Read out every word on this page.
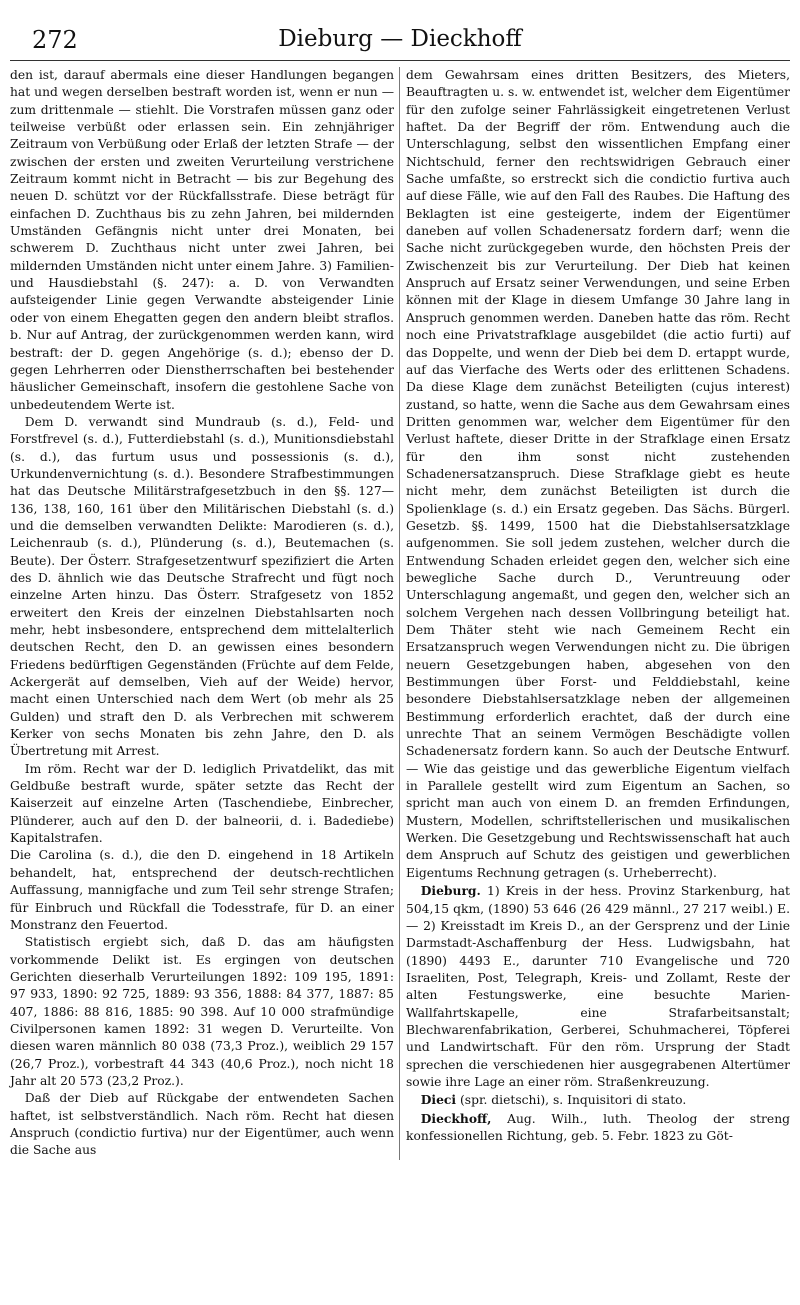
272	Dieburg — Dieckhoff

den ist, darauf abermals eine dieser Handlungen begangen hat und wegen derselben bestraft worden ist, wenn er nun — zum drittenmale — stiehlt. Die Vorstrafen müssen ganz oder teilweise verbüßt oder erlassen sein. Ein zehnjähriger Zeitraum von Verbüßung oder Erlaß der letzten Strafe — der zwischen der ersten und zweiten Verurteilung verstrichene Zeitraum kommt nicht in Betracht — bis zur Begehung des neuen D. schützt vor der Rückfallsstrafe. Diese beträgt für einfachen D. Zuchthaus bis zu zehn Jahren, bei mildernden Umständen Gefängnis nicht unter drei Monaten, bei schwerem D. Zuchthaus nicht unter zwei Jahren, bei mildernden Umständen nicht unter einem Jahre. 3) Familien- und Hausdiebstahl (§. 247): a. D. von Verwandten aufsteigender Linie gegen Verwandte absteigender Linie oder von einem Ehegatten gegen den andern bleibt straflos. b. Nur auf Antrag, der zurückgenommen werden kann, wird bestraft: der D. gegen Angehörige (s. d.); ebenso der D. gegen Lehrherren oder Dienstherrschaften bei bestehender häuslicher Gemeinschaft, insofern die gestohlene Sache von unbedeutendem Werte ist.

Dem D. verwandt sind Mundraub (s. d.), Feld- und Forstfrevel (s. d.), Futterdiebstahl (s. d.), Munitionsdiebstahl (s. d.), das furtum usus und possessionis (s. d.), Urkundenvernichtung (s. d.). Besondere Strafbestimmungen hat das Deutsche Militärstrafgesetzbuch in den §§. 127—136, 138, 160, 161 über den Militärischen Diebstahl (s. d.) und die demselben verwandten Delikte: Marodieren (s. d.), Leichenraub (s. d.), Plünderung (s. d.), Beutemachen (s. Beute). Der Österr. Strafgesetzentwurf spezifiziert die Arten des D. ähnlich wie das Deutsche Strafrecht und fügt noch einzelne Arten hinzu. Das Österr. Strafgesetz von 1852 erweitert den Kreis der einzelnen Diebstahlsarten noch mehr, hebt insbesondere, entsprechend dem mittelalterlich deutschen Recht, den D. an gewissen eines besondern Friedens bedürftigen Gegenständen (Früchte auf dem Felde, Ackergerät auf demselben, Vieh auf der Weide) hervor, macht einen Unterschied nach dem Wert (ob mehr als 25 Gulden) und straft den D. als Verbrechen mit schwerem Kerker von sechs Monaten bis zehn Jahre, den D. als Übertretung mit Arrest.

Im röm. Recht war der D. lediglich Privatdelikt, das mit Geldbuße bestraft wurde, später setzte das Recht der Kaiserzeit auf einzelne Arten (Taschendiebe, Einbrecher, Plünderer, auch auf den D. der balneorii, d. i. Badediebe) Kapitalstrafen.

Die Carolina (s. d.), die den D. eingehend in 18 Artikeln behandelt, hat, entsprechend der deutsch-rechtlichen Auffassung, mannigfache und zum Teil sehr strenge Strafen; für Einbruch und Rückfall die Todesstrafe, für D. an einer Monstranz den Feuertod.

Statistisch ergiebt sich, daß D. das am häufigsten vorkommende Delikt ist. Es ergingen von deutschen Gerichten dieserhalb Verurteilungen 1892: 109 195, 1891: 97 933, 1890: 92 725, 1889: 93 356, 1888: 84 377, 1887: 85 407, 1886: 88 816, 1885: 90 398. Auf 10 000 strafmündige Civilpersonen kamen 1892: 31 wegen D. Verurteilte. Von diesen waren männlich 80 038 (73,3 Proz.), weiblich 29 157 (26,7 Proz.), vorbestraft 44 343 (40,6 Proz.), noch nicht 18 Jahr alt 20 573 (23,2 Proz.).

Daß der Dieb auf Rückgabe der entwendeten Sachen haftet, ist selbstverständlich. Nach röm. Recht hat diesen Anspruch (condictio furtiva) nur der Eigentümer, auch wenn die Sache aus

dem Gewahrsam eines dritten Besitzers, des Mieters, Beauftragten u. s. w. entwendet ist, welcher dem Eigentümer für den zufolge seiner Fahrlässigkeit eingetretenen Verlust haftet. Da der Begriff der röm. Entwendung auch die Unterschlagung, selbst den wissentlichen Empfang einer Nichtschuld, ferner den rechtswidrigen Gebrauch einer Sache umfaßte, so erstreckt sich die condictio furtiva auch auf diese Fälle, wie auf den Fall des Raubes. Die Haftung des Beklagten ist eine gesteigerte, indem der Eigentümer daneben auf vollen Schadenersatz fordern darf; wenn die Sache nicht zurückgegeben wurde, den höchsten Preis der Zwischenzeit bis zur Verurteilung. Der Dieb hat keinen Anspruch auf Ersatz seiner Verwendungen, und seine Erben können mit der Klage in diesem Umfange 30 Jahre lang in Anspruch genommen werden. Daneben hatte das röm. Recht noch eine Privatstrafklage ausgebildet (die actio furti) auf das Doppelte, und wenn der Dieb bei dem D. ertappt wurde, auf das Vierfache des Werts oder des erlittenen Schadens. Da diese Klage dem zunächst Beteiligten (cujus interest) zustand, so hatte, wenn die Sache aus dem Gewahrsam eines Dritten genommen war, welcher dem Eigentümer für den Verlust haftete, dieser Dritte in der Strafklage einen Ersatz für den ihm sonst nicht zustehenden Schadenersatzanspruch. Diese Strafklage giebt es heute nicht mehr, dem zunächst Beteiligten ist durch die Spolienklage (s. d.) ein Ersatz gegeben. Das Sächs. Bürgerl. Gesetzb. §§. 1499, 1500 hat die Diebstahlsersatzklage aufgenommen. Sie soll jedem zustehen, welcher durch die Entwendung Schaden erleidet gegen den, welcher sich eine bewegliche Sache durch D., Veruntreuung oder Unterschlagung angemaßt, und gegen den, welcher sich an solchem Vergehen nach dessen Vollbringung beteiligt hat. Dem Thäter steht wie nach Gemeinem Recht ein Ersatzanspruch wegen Verwendungen nicht zu. Die übrigen neuern Gesetzgebungen haben, abgesehen von den Bestimmungen über Forst- und Felddiebstahl, keine besondere Diebstahlsersatzklage neben der allgemeinen Bestimmung erforderlich erachtet, daß der durch eine unrechte That an seinem Vermögen Beschädigte vollen Schadenersatz fordern kann. So auch der Deutsche Entwurf. — Wie das geistige und das gewerbliche Eigentum vielfach in Parallele gestellt wird zum Eigentum an Sachen, so spricht man auch von einem D. an fremden Erfindungen, Mustern, Modellen, schriftstellerischen und musikalischen Werken. Die Gesetzgebung und Rechtswissenschaft hat auch dem Anspruch auf Schutz des geistigen und gewerblichen Eigentums Rechnung getragen (s. Urheberrecht).

Dieburg. 1) Kreis in der hess. Provinz Starkenburg, hat 504,15 qkm, (1890) 53 646 (26 429 männl., 27 217 weibl.) E. — 2) Kreisstadt im Kreis D., an der Gersprenz und der Linie Darmstadt-Aschaffenburg der Hess. Ludwigsbahn, hat (1890) 4493 E., darunter 710 Evangelische und 720 Israeliten, Post, Telegraph, Kreis- und Zollamt, Reste der alten Festungswerke, eine besuchte Marien-Wallfahrtskapelle, eine Strafarbeitsanstalt; Blechwarenfabrikation, Gerberei, Schuhmacherei, Töpferei und Landwirtschaft. Für den röm. Ursprung der Stadt sprechen die verschiedenen hier ausgegrabenen Altertümer sowie ihre Lage an einer röm. Straßenkreuzung.

Dieci (spr. dietschi), s. Inquisitori di stato.

Dieckhoff, Aug. Wilh., luth. Theolog der streng konfessionellen Richtung, geb. 5. Febr. 1823 zu Göt-
